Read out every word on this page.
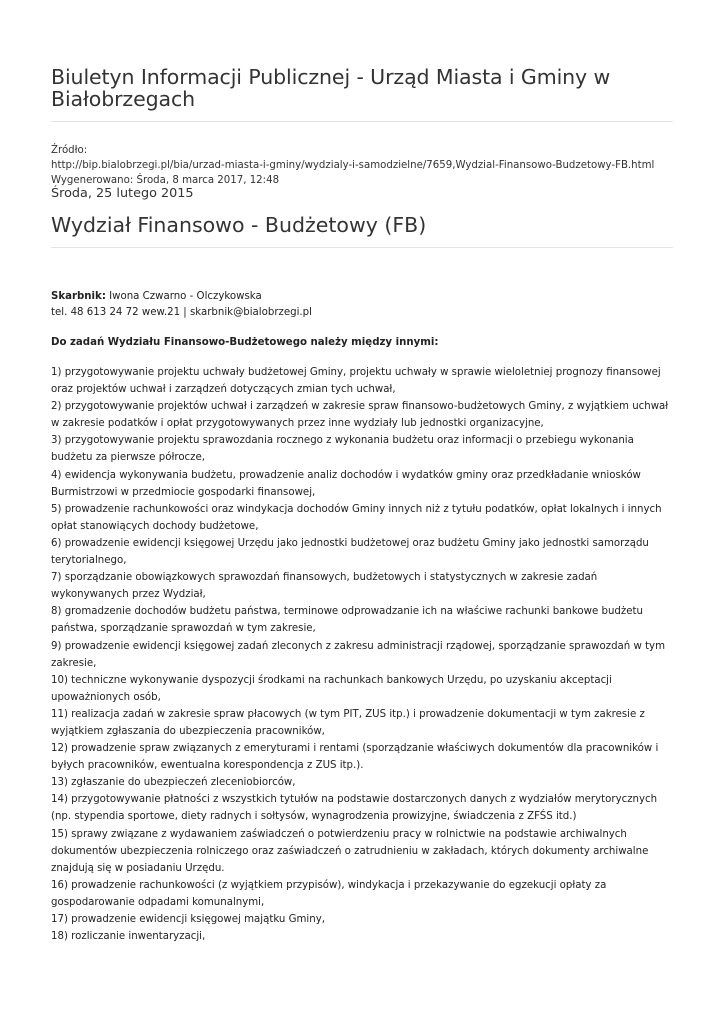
Biuletyn Informacji Publicznej - Urząd Miasta i Gminy w Białobrzegach
Źródło:
http://bip.bialobrzegi.pl/bia/urzad-miasta-i-gminy/wydzialy-i-samodzielne/7659,Wydzial-Finansowo-Budzetowy-FB.html
Wygenerowano: Środa, 8 marca 2017, 12:48
Środa, 25 lutego 2015
Wydział Finansowo - Budżetowy (FB)
Skarbnik: Iwona Czwarno - Olczykowska
tel. 48 613 24 72 wew.21 | skarbnik@bialobrzegi.pl
Do zadań Wydziału Finansowo-Budżetowego należy między innymi:
1) przygotowywanie projektu uchwały budżetowej Gminy, projektu uchwały w sprawie wieloletniej prognozy finansowej oraz projektów uchwał i zarządzeń dotyczących zmian tych uchwał,
2) przygotowywanie projektów uchwał i zarządzeń w zakresie spraw finansowo-budżetowych Gminy, z wyjątkiem uchwał w zakresie podatków i opłat przygotowywanych przez inne wydziały lub jednostki organizacyjne,
3) przygotowywanie projektu sprawozdania rocznego z wykonania budżetu oraz informacji o przebiegu wykonania budżetu za pierwsze półrocze,
4) ewidencja wykonywania budżetu, prowadzenie analiz dochodów i wydatków gminy oraz przedkładanie wniosków Burmistrzowi w przedmiocie gospodarki finansowej,
5) prowadzenie rachunkowości oraz windykacja dochodów Gminy innych niż z tytułu podatków, opłat lokalnych i innych opłat stanowiących dochody budżetowe,
6) prowadzenie ewidencji księgowej Urzędu jako jednostki budżetowej oraz budżetu Gminy jako jednostki samorządu terytorialnego,
7) sporządzanie obowiązkowych sprawozdań finansowych, budżetowych i statystycznych w zakresie zadań wykonywanych przez Wydział,
8) gromadzenie dochodów budżetu państwa, terminowe odprowadzanie ich na właściwe rachunki bankowe budżetu państwa, sporządzanie sprawozdań w tym zakresie,
9) prowadzenie ewidencji księgowej zadań zleconych z zakresu administracji rządowej, sporządzanie sprawozdań w tym zakresie,
10) techniczne wykonywanie dyspozycji środkami na rachunkach bankowych Urzędu, po uzyskaniu akceptacji upoważnionych osób,
11) realizacja zadań w zakresie spraw płacowych (w tym PIT, ZUS itp.) i prowadzenie dokumentacji w tym zakresie z wyjątkiem zgłaszania do ubezpieczenia pracowników,
12) prowadzenie spraw związanych z emeryturami i rentami (sporządzanie właściwych dokumentów dla pracowników i byłych pracowników, ewentualna korespondencja z ZUS itp.).
13) zgłaszanie do ubezpieczeń zleceniobiorców,
14) przygotowywanie płatności z wszystkich tytułów na podstawie dostarczonych danych z wydziałów merytorycznych (np. stypendia sportowe, diety radnych i sołtysów, wynagrodzenia prowizyjne, świadczenia z ZFŚS itd.)
15) sprawy związane z wydawaniem zaświadczeń o potwierdzeniu pracy w rolnictwie na podstawie archiwalnych dokumentów ubezpieczenia rolniczego oraz zaświadczeń o zatrudnieniu w zakładach, których dokumenty archiwalne znajdują się w posiadaniu Urzędu.
16) prowadzenie rachunkowości (z wyjątkiem przypisów), windykacja i przekazywanie do egzekucji opłaty za gospodarowanie odpadami komunalnymi,
17) prowadzenie ewidencji księgowej majątku Gminy,
18) rozliczanie inwentaryzacji,
